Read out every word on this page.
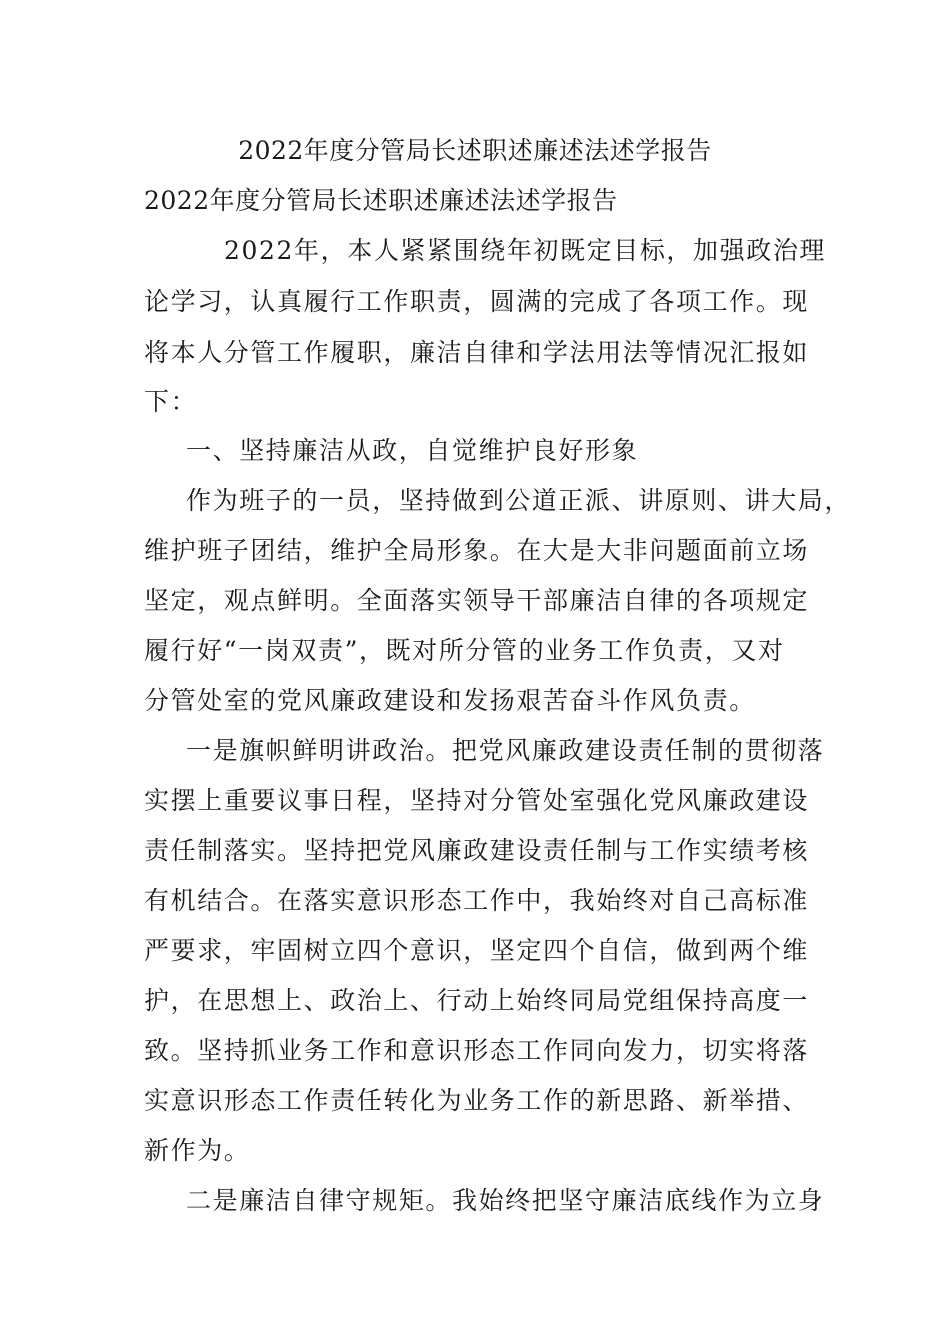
2022年度分管局长述职述廉述法述学报告
2022年度分管局长述职述廉述法述学报告
2022年，本人紧紧围绕年初既定目标，加强政治理
论学习，认真履行工作职责，圆满的完成了各项工作。现
将本人分管工作履职，廉洁自律和学法用法等情况汇报如
下：
一、坚持廉洁从政，自觉维护良好形象
作为班子的一员，坚持做到公道正派、讲原则、讲大局，
维护班子团结，维护全局形象。在大是大非问题面前立场
坚定，观点鲜明。全面落实领导干部廉洁自律的各项规定
履行好“一岗双责”，既对所分管的业务工作负责，又对
分管处室的党风廉政建设和发扬艰苦奋斗作风负责。
一是旗帜鲜明讲政治。把党风廉政建设责任制的贯彻落
实摆上重要议事日程，坚持对分管处室强化党风廉政建设
责任制落实。坚持把党风廉政建设责任制与工作实绩考核
有机结合。在落实意识形态工作中，我始终对自己高标准
严要求，牢固树立四个意识，坚定四个自信，做到两个维
护，在思想上、政治上、行动上始终同局党组保持高度一
致。坚持抓业务工作和意识形态工作同向发力，切实将落
实意识形态工作责任转化为业务工作的新思路、新举措、
新作为。
二是廉洁自律守规矩。我始终把坚守廉洁底线作为立身
